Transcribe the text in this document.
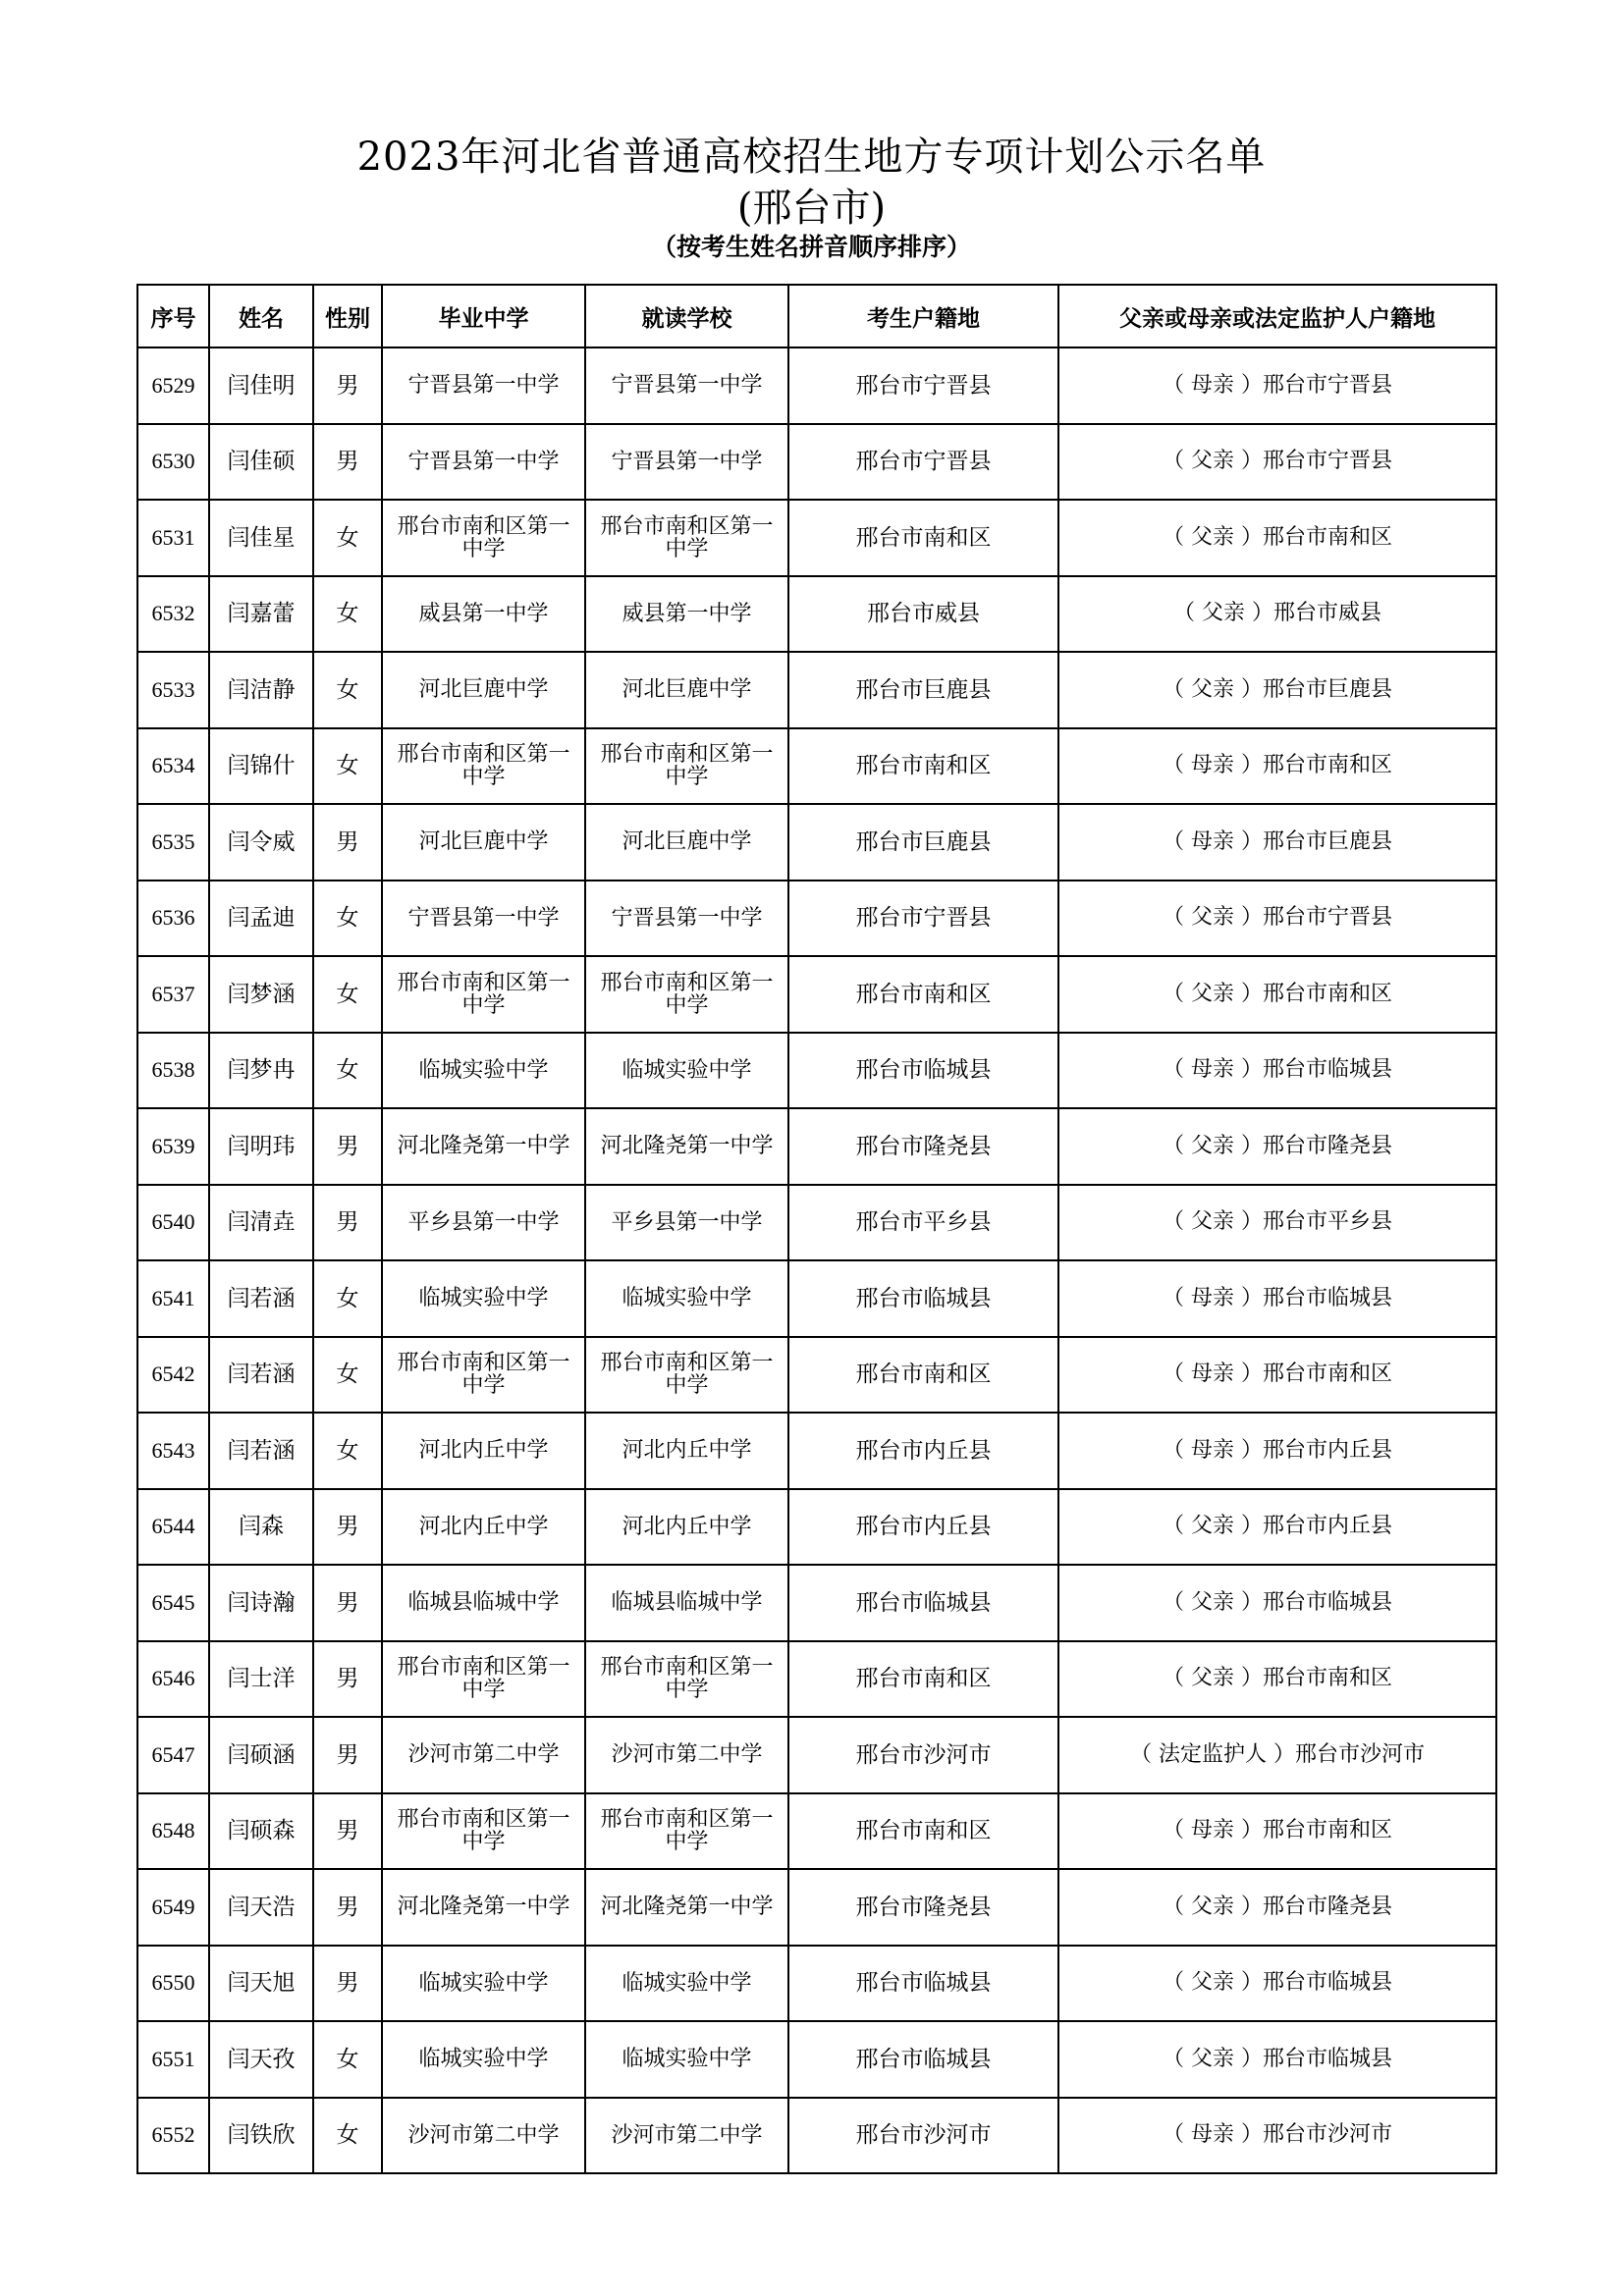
2023年河北省普通高校招生地方专项计划公示名单
(邢台市)
（按考生姓名拼音顺序排序）
序号	姓名	性别	毕业中学	就读学校	考生户籍地	父亲或母亲或法定监护人户籍地
6529	闫佳明	男	宁晋县第一中学	宁晋县第一中学	邢台市宁晋县	（ 母亲 ）邢台市宁晋县
6530	闫佳硕	男	宁晋县第一中学	宁晋县第一中学	邢台市宁晋县	（ 父亲 ）邢台市宁晋县
6531	闫佳星	女	邢台市南和区第一中学	邢台市南和区第一中学	邢台市南和区	（ 父亲 ）邢台市南和区
6532	闫嘉蕾	女	威县第一中学	威县第一中学	邢台市威县	（ 父亲 ）邢台市威县
6533	闫洁静	女	河北巨鹿中学	河北巨鹿中学	邢台市巨鹿县	（ 父亲 ）邢台市巨鹿县
6534	闫锦什	女	邢台市南和区第一中学	邢台市南和区第一中学	邢台市南和区	（ 母亲 ）邢台市南和区
6535	闫令威	男	河北巨鹿中学	河北巨鹿中学	邢台市巨鹿县	（ 母亲 ）邢台市巨鹿县
6536	闫孟迪	女	宁晋县第一中学	宁晋县第一中学	邢台市宁晋县	（ 父亲 ）邢台市宁晋县
6537	闫梦涵	女	邢台市南和区第一中学	邢台市南和区第一中学	邢台市南和区	（ 父亲 ）邢台市南和区
6538	闫梦冉	女	临城实验中学	临城实验中学	邢台市临城县	（ 母亲 ）邢台市临城县
6539	闫明玮	男	河北隆尧第一中学	河北隆尧第一中学	邢台市隆尧县	（ 父亲 ）邢台市隆尧县
6540	闫清垚	男	平乡县第一中学	平乡县第一中学	邢台市平乡县	（ 父亲 ）邢台市平乡县
6541	闫若涵	女	临城实验中学	临城实验中学	邢台市临城县	（ 母亲 ）邢台市临城县
6542	闫若涵	女	邢台市南和区第一中学	邢台市南和区第一中学	邢台市南和区	（ 母亲 ）邢台市南和区
6543	闫若涵	女	河北内丘中学	河北内丘中学	邢台市内丘县	（ 母亲 ）邢台市内丘县
6544	闫森	男	河北内丘中学	河北内丘中学	邢台市内丘县	（ 父亲 ）邢台市内丘县
6545	闫诗瀚	男	临城县临城中学	临城县临城中学	邢台市临城县	（ 父亲 ）邢台市临城县
6546	闫士洋	男	邢台市南和区第一中学	邢台市南和区第一中学	邢台市南和区	（ 父亲 ）邢台市南和区
6547	闫硕涵	男	沙河市第二中学	沙河市第二中学	邢台市沙河市	（ 法定监护人 ）邢台市沙河市
6548	闫硕森	男	邢台市南和区第一中学	邢台市南和区第一中学	邢台市南和区	（ 母亲 ）邢台市南和区
6549	闫天浩	男	河北隆尧第一中学	河北隆尧第一中学	邢台市隆尧县	（ 父亲 ）邢台市隆尧县
6550	闫天旭	男	临城实验中学	临城实验中学	邢台市临城县	（ 父亲 ）邢台市临城县
6551	闫天孜	女	临城实验中学	临城实验中学	邢台市临城县	（ 父亲 ）邢台市临城县
6552	闫铁欣	女	沙河市第二中学	沙河市第二中学	邢台市沙河市	（ 母亲 ）邢台市沙河市
